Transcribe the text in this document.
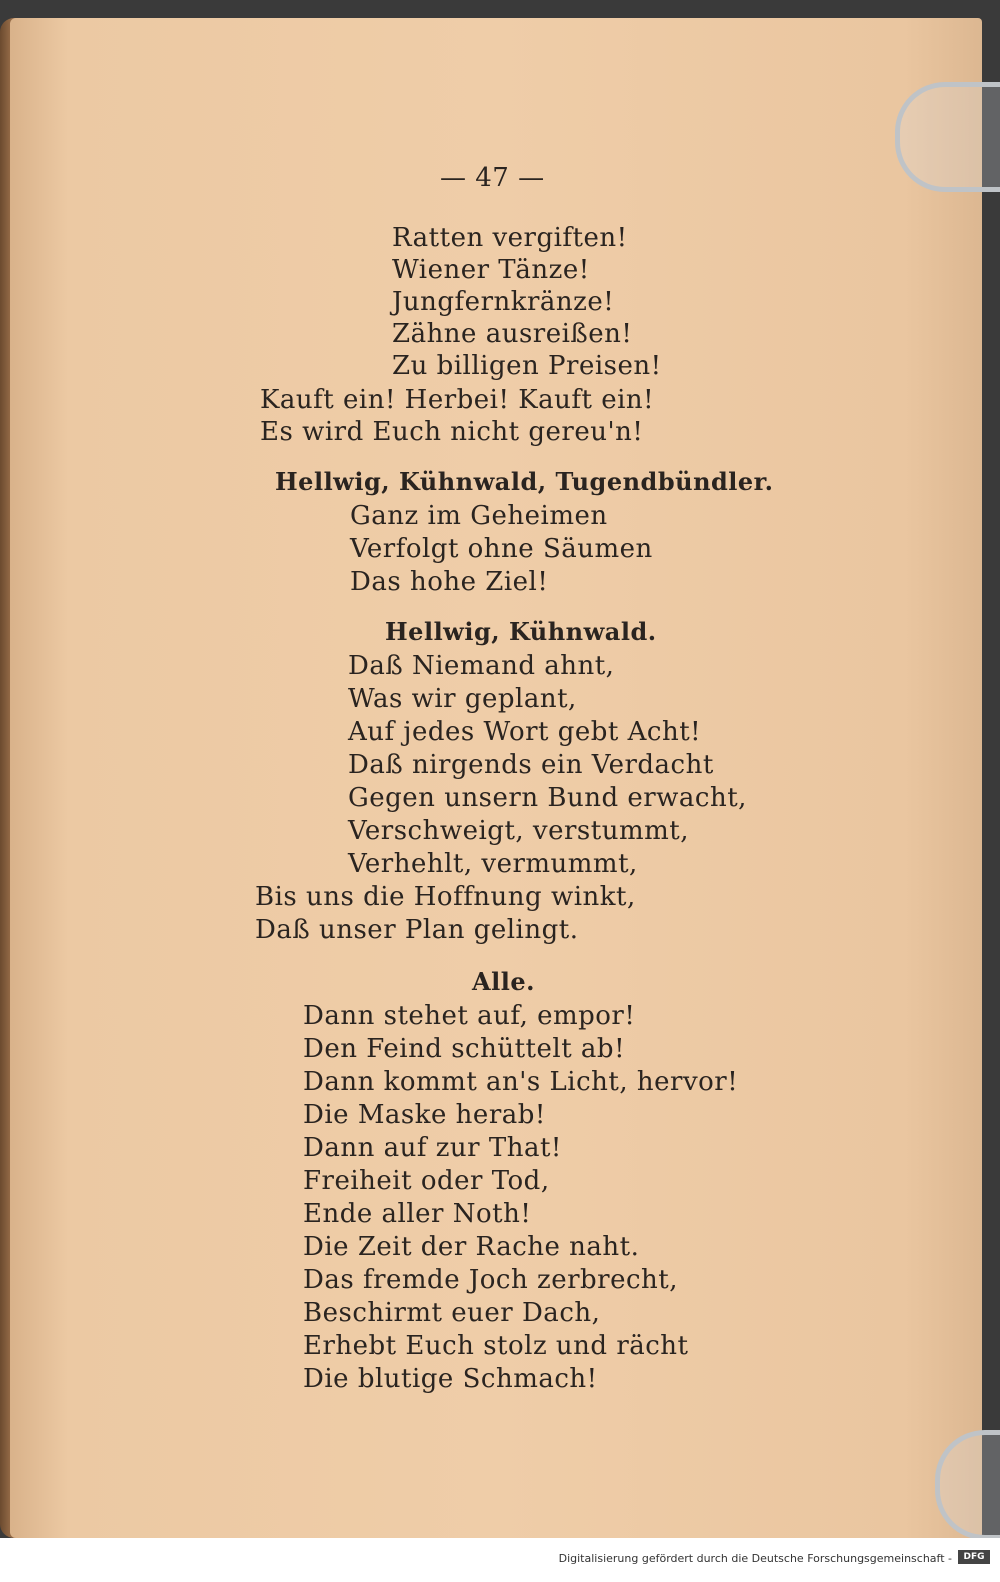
— 47 —
Ratten vergiften!
Wiener Tänze!
Jungfernkränze!
Zähne ausreißen!
Zu billigen Preisen!
Kauft ein! Herbei! Kauft ein!
Es wird Euch nicht gereu'n!
Hellwig, Kühnwald, Tugendbündler.
Ganz im Geheimen
Verfolgt ohne Säumen
Das hohe Ziel!
Hellwig, Kühnwald.
Daß Niemand ahnt,
Was wir geplant,
Auf jedes Wort gebt Acht!
Daß nirgends ein Verdacht
Gegen unsern Bund erwacht,
Verschweigt, verstummt,
Verhehlt, vermummt,
Bis uns die Hoffnung winkt,
Daß unser Plan gelingt.
Alle.
Dann stehet auf, empor!
Den Feind schüttelt ab!
Dann kommt an's Licht, hervor!
Die Maske herab!
Dann auf zur That!
Freiheit oder Tod,
Ende aller Noth!
Die Zeit der Rache naht.
Das fremde Joch zerbrecht,
Beschirmt euer Dach,
Erhebt Euch stolz und rächt
Die blutige Schmach!
Digitalisierung gefördert durch die Deutsche Forschungsgemeinschaft -	DFG
